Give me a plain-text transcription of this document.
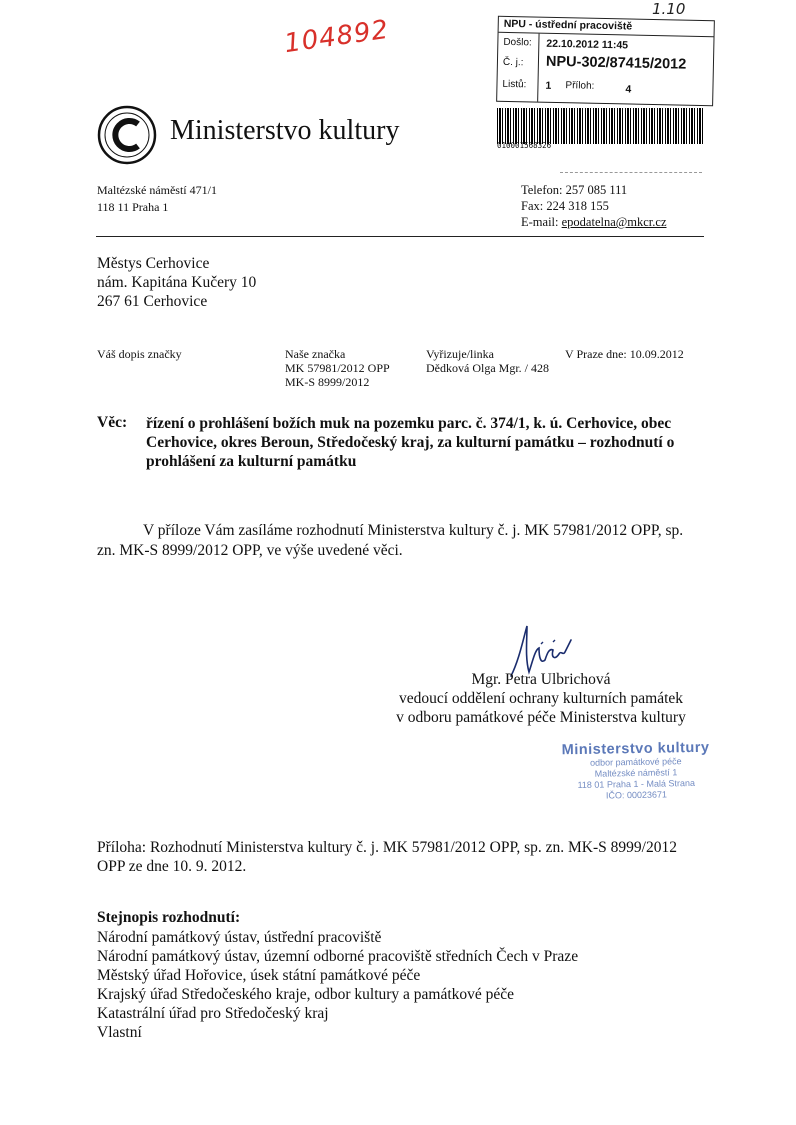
104892
1.10
NPU - ústřední pracoviště
Došlo: 22.10.2012 11:45
Č. j.: NPU-302/87415/2012
Listů: 1 Příloh:	4
010001568326
Ministerstvo kultury
Maltézské náměstí 471/1
118 11 Praha 1
Telefon: 257 085 111
Fax: 224 318 155
E-mail: epodatelna@mkcr.cz
Městys Cerhovice
nám. Kapitána Kučery 10
267 61 Cerhovice
Váš dopis značky	Naše značka
MK 57981/2012 OPP
MK-S 8999/2012
Vyřizuje/linka
Dědková Olga Mgr. / 428
V Praze dne: 10.09.2012
Věc: řízení o prohlášení božích muk na pozemku parc. č. 374/1, k. ú. Cerhovice, obec Cerhovice, okres Beroun, Středočeský kraj, za kulturní památku – rozhodnutí o prohlášení za kulturní památku
V příloze Vám zasíláme rozhodnutí Ministerstva kultury č. j. MK 57981/2012 OPP, sp. zn. MK-S 8999/2012 OPP, ve výše uvedené věci.
Mgr. Petra Ulbrichová
vedoucí oddělení ochrany kulturních památek
v odboru památkové péče Ministerstva kultury
Ministerstvo kultury
odbor památkové péče
Maltézské náměstí 1
118 01 Praha 1 - Malá Strana
IČO: 00023671
Příloha: Rozhodnutí Ministerstva kultury č. j. MK 57981/2012 OPP, sp. zn. MK-S 8999/2012 OPP ze dne 10. 9. 2012.
Stejnopis rozhodnutí:
Národní památkový ústav, ústřední pracoviště
Národní památkový ústav, územní odborné pracoviště středních Čech v Praze
Městský úřad Hořovice, úsek státní památkové péče
Krajský úřad Středočeského kraje, odbor kultury a památkové péče
Katastrální úřad pro Středočeský kraj
Vlastní
